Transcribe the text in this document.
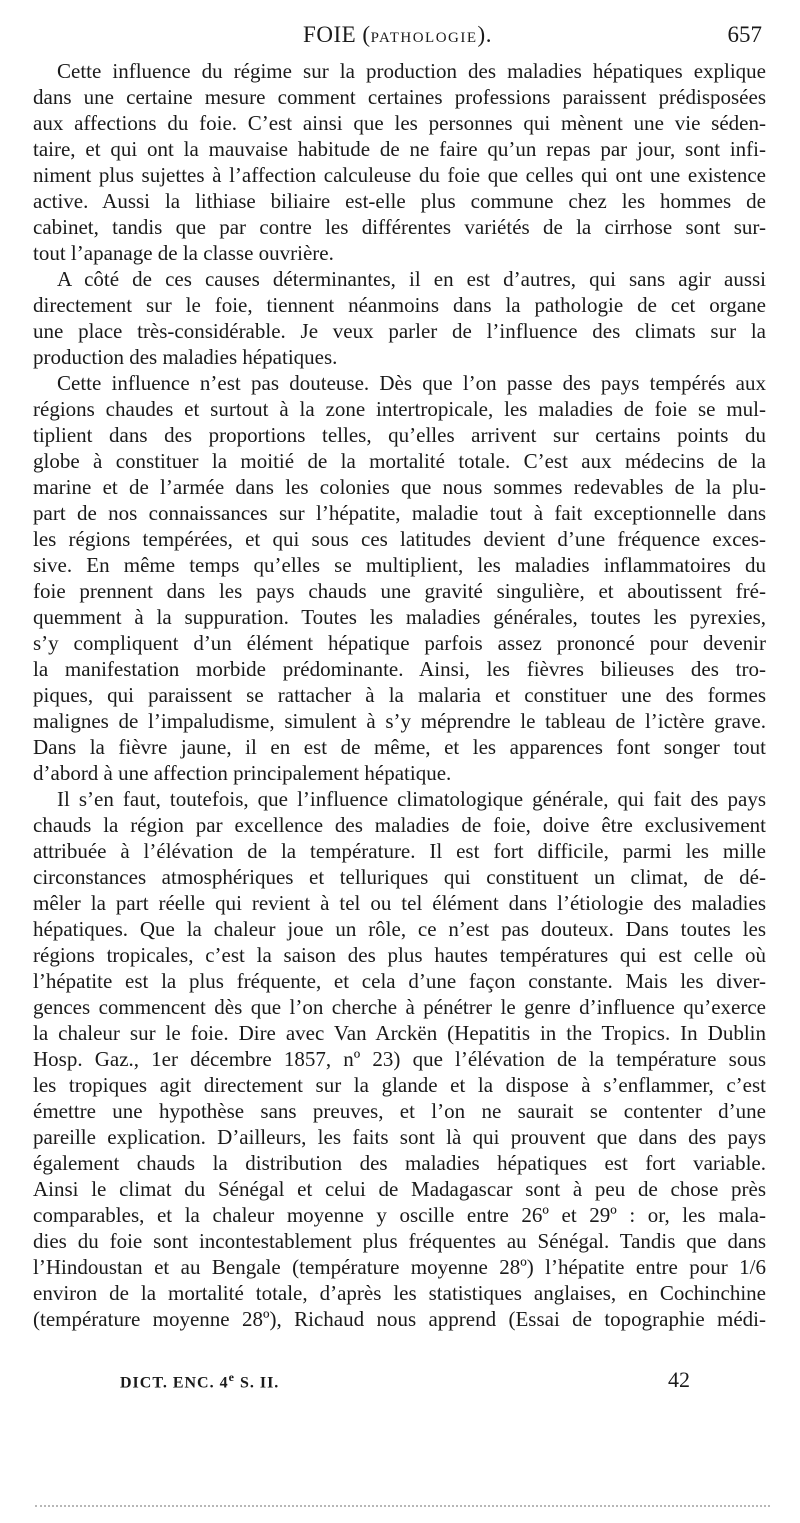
FOIE (PATHOLOGIE).	657
Cette influence du régime sur la production des maladies hépatiques explique
dans une certaine mesure comment certaines professions paraissent prédisposées
aux affections du foie. C’est ainsi que les personnes qui mènent une vie séden-
taire, et qui ont la mauvaise habitude de ne faire qu’un repas par jour, sont infi-
niment plus sujettes à l’affection calculeuse du foie que celles qui ont une existence
active. Aussi la lithiase biliaire est-elle plus commune chez les hommes de
cabinet, tandis que par contre les différentes variétés de la cirrhose sont sur-
tout l’apanage de la classe ouvrière.
A côté de ces causes déterminantes, il en est d’autres, qui sans agir aussi
directement sur le foie, tiennent néanmoins dans la pathologie de cet organe
une place très-considérable. Je veux parler de l’influence des climats sur la
production des maladies hépatiques.
Cette influence n’est pas douteuse. Dès que l’on passe des pays tempérés aux
régions chaudes et surtout à la zone intertropicale, les maladies de foie se mul-
tiplient dans des proportions telles, qu’elles arrivent sur certains points du
globe à constituer la moitié de la mortalité totale. C’est aux médecins de la
marine et de l’armée dans les colonies que nous sommes redevables de la plu-
part de nos connaissances sur l’hépatite, maladie tout à fait exceptionnelle dans
les régions tempérées, et qui sous ces latitudes devient d’une fréquence exces-
sive. En même temps qu’elles se multiplient, les maladies inflammatoires du
foie prennent dans les pays chauds une gravité singulière, et aboutissent fré-
quemment à la suppuration. Toutes les maladies générales, toutes les pyrexies,
s’y compliquent d’un élément hépatique parfois assez prononcé pour devenir
la manifestation morbide prédominante. Ainsi, les fièvres bilieuses des tro-
piques, qui paraissent se rattacher à la malaria et constituer une des formes
malignes de l’impaludisme, simulent à s’y méprendre le tableau de l’ictère grave.
Dans la fièvre jaune, il en est de même, et les apparences font songer tout
d’abord à une affection principalement hépatique.
Il s’en faut, toutefois, que l’influence climatologique générale, qui fait des pays
chauds la région par excellence des maladies de foie, doive être exclusivement
attribuée à l’élévation de la température. Il est fort difficile, parmi les mille
circonstances atmosphériques et telluriques qui constituent un climat, de dé-
mêler la part réelle qui revient à tel ou tel élément dans l’étiologie des maladies
hépatiques. Que la chaleur joue un rôle, ce n’est pas douteux. Dans toutes les
régions tropicales, c’est la saison des plus hautes températures qui est celle où
l’hépatite est la plus fréquente, et cela d’une façon constante. Mais les diver-
gences commencent dès que l’on cherche à pénétrer le genre d’influence qu’exerce
la chaleur sur le foie. Dire avec Van Arckën (Hepatitis in the Tropics. In Dublin
Hosp. Gaz., 1er décembre 1857, nº 23) que l’élévation de la température sous
les tropiques agit directement sur la glande et la dispose à s’enflammer, c’est
émettre une hypothèse sans preuves, et l’on ne saurait se contenter d’une
pareille explication. D’ailleurs, les faits sont là qui prouvent que dans des pays
également chauds la distribution des maladies hépatiques est fort variable.
Ainsi le climat du Sénégal et celui de Madagascar sont à peu de chose près
comparables, et la chaleur moyenne y oscille entre 26º et 29º : or, les mala-
dies du foie sont incontestablement plus fréquentes au Sénégal. Tandis que dans
l’Hindoustan et au Bengale (température moyenne 28º) l’hépatite entre pour 1/6
environ de la mortalité totale, d’après les statistiques anglaises, en Cochinchine
(température moyenne 28º), Richaud nous apprend (Essai de topographie médi-
DICT. ENC. 4e S. II.	42
